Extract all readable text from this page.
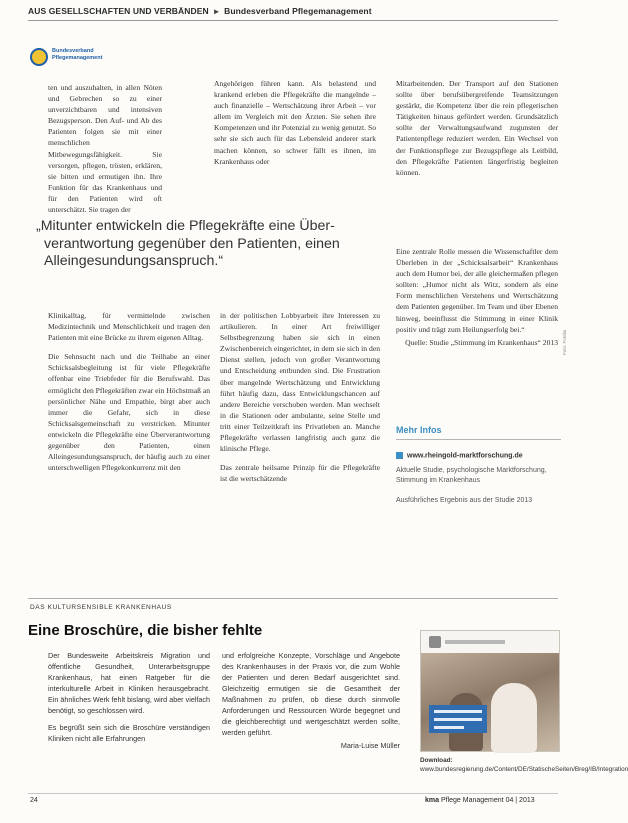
AUS GESELLSCHAFTEN UND VERBÄNDEN ▸ Bundesverband Pflegemanagement
Bundesverband
Pflegemanagement

ten und auszuhalten, in allen Nöten und Gebrechen so zu einer unverzichtbaren und intensiven Bezugsperson. Den Auf- und Ab des Patienten folgen sie mit einer menschlichen Mitbewegungsfähigkeit. Sie versorgen, pflegen, trösten, erklären, sie bitten und ermutigen ihn. Ihre Funktion für das Krankenhaus und für den Patienten wird oft unterschätzt. Sie tragen der

Angehörigen führen kann. Als belastend und krankend erleben die Pflegekräfte die mangelnde – auch finanzielle – Wertschätzung ihrer Arbeit – vor allem im Vergleich mit den Ärzten. Sie sehen ihre Kompetenzen und ihr Potenzial zu wenig genutzt. So sehr sie sich auch für das Lebensleid anderer stark machen können, so schwer fällt es ihnen, im Krankenhaus oder

Mitarbeitenden. Der Transport auf den Stationen sollte über berufsübergreifende Teamsitzungen gestärkt, die Kompetenz über die rein pflegerischen Tätigkeiten hinaus gefördert werden. Grundsätzlich sollte der Verwaltungsaufwand zugunsten der Patientenpflege reduziert werden. Ein Wechsel von der Funktionspflege zur Bezugspflege als Leitbild, den Pflegekräfte Patienten längerfristig begleiten können.

„Mitunter entwickeln die Pflegekräfte eine Über-
verantwortung gegenüber den Patienten, einen
Alleingesundungsanspruch.“

Eine zentrale Rolle messen die Wissenschaftler dem Überleben in der „Schicksalsarbeit“ Krankenhaus auch dem Humor bei, der alle gleichermaßen pflegen sollten: „Humor nicht als Witz, sondern als eine Form menschlichen Verstehens und Wertschätzung dem Patienten gegenüber. Im Team und über Ebenen hinweg, beeinflusst die Stimmung in einer Klinik positiv und trägt zum Heilungserfolg bei.“

Quelle: Studie „Stimmung im Krankenhaus“ 2013 Foto: Fotolia

Klinikalltag, für vermittelnde zwischen Medizintechnik und Menschlichkeit und tragen den Patienten mit eine Brücke zu ihrem eigenen Alltag.

Die Sehnsucht nach und die Teilhabe an einer Schicksalsbegleitung ist für viele Pflegekräfte offenbar eine Triebfeder für die Berufswahl. Das ermöglicht den Pflegekräften zwar ein Höchstmaß an persönlicher Nähe und Empathie, birgt aber auch immer die Gefahr, sich in diese Schicksalsgemeinschaft zu verstricken. Mitunter entwickeln die Pflegekräfte eine Überverantwortung gegenüber den Patienten, einen Alleingesundungsanspruch, der häufig auch zu einer unterschwelligen Pflegekonkurrenz mit den

in der politischen Lobbyarbeit ihre Interessen zu artikulieren. In einer Art freiwilliger Selbstbegrenzung haben sie sich in einen Zwischenbereich eingerichtet, in dem sie sich in den Dienst stellen, jedoch von großer Verantwortung und Entscheidung entbunden sind. Die Frustration über mangelnde Wertschätzung und Entwicklung führt häufig dazu, dass Entwicklungschancen auf andere Bereiche verschoben werden. Man wechselt in die Stationen oder ambulante, seine Stelle und tritt einer Teilzeitkraft ins Privatleben an. Manche Pflegekräfte verlassen langfristig auch ganz die klinische Pflege.

Das zentrale heilsame Prinzip für die Pflegekräfte ist die wertschätzende

Mehr Infos
www.rheingold-marktforschung.de
Aktuelle Studie, psychologische Marktforschung, Stimmung im Krankenhaus
Ausführliches Ergebnis aus der Studie 2013
DAS KULTURSENSIBLE KRANKENHAUS
Eine Broschüre, die bisher fehlte

Der Bundesweite Arbeitskreis Migration und öffentliche Gesundheit, Unterarbeitsgruppe Krankenhaus, hat einen Ratgeber für die interkulturelle Arbeit in Kliniken herausgebracht. Ein ähnliches Werk fehlt bislang, wird aber vielfach benötigt, so geschlossen wird.

Es begrüßt sein sich die Broschüre verständigen Kliniken nicht alle Erfahrungen

und erfolgreiche Konzepte, Vorschläge und Angebote des Krankenhauses in der Praxis vor, die zum Wohle der Patienten und deren Bedarf ausgerichtet sind. Gleichzeitig ermutigen sie die Gesamtheit der Maßnahmen zu prüfen, ob diese durch sinnvolle Anforderungen und Ressourcen Würde begegnet und die gleichberechtigt und wertgeschätzt werden sollte, werden geführt.

Maria-Luise Müller
Download: www.bundesregierung.de/Content/DE/StatischeSeiten/Breg/IB/Integration
24	kma Pflege Management 04 | 2013
